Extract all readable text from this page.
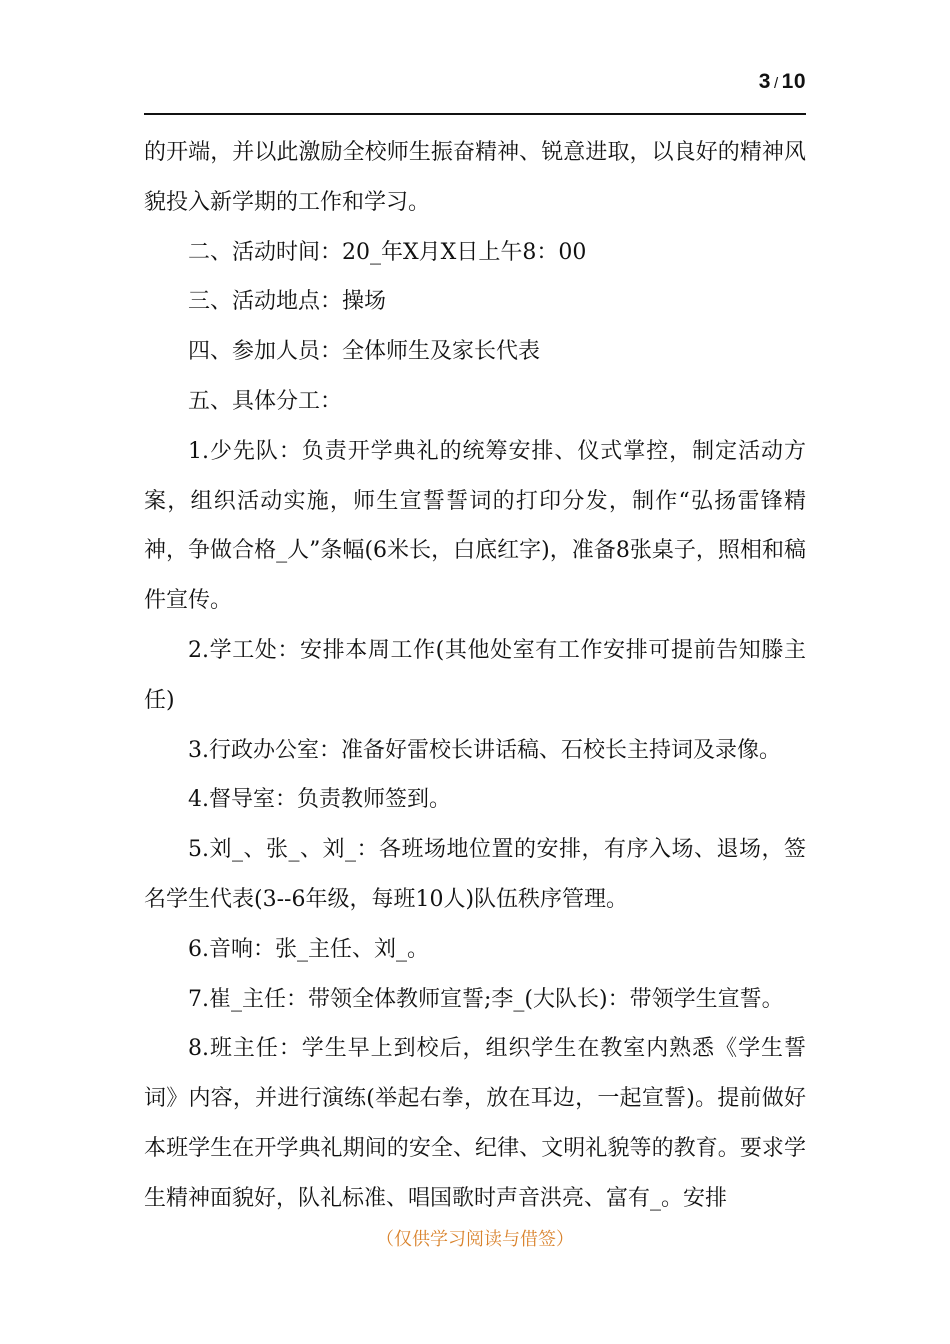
3 / 10

的开端，并以此激励全校师生振奋精神、锐意进取，以良好的精神风貌投入新学期的工作和学习。

二、活动时间：20_年X月X日上午8：00

三、活动地点：操场

四、参加人员：全体师生及家长代表

五、具体分工：

1.少先队：负责开学典礼的统筹安排、仪式掌控，制定活动方案，组织活动实施，师生宣誓誓词的打印分发，制作“弘扬雷锋精神，争做合格_人”条幅(6米长，白底红字)，准备8张桌子，照相和稿件宣传。

2.学工处：安排本周工作(其他处室有工作安排可提前告知滕主任)

3.行政办公室：准备好雷校长讲话稿、石校长主持词及录像。

4.督导室：负责教师签到。

5.刘_、张_、刘_：各班场地位置的安排，有序入场、退场，签名学生代表(3--6年级，每班10人)队伍秩序管理。

6.音响：张_主任、刘_。

7.崔_主任：带领全体教师宣誓;李_(大队长)：带领学生宣誓。

8.班主任：学生早上到校后，组织学生在教室内熟悉《学生誓词》内容，并进行演练(举起右拳，放在耳边，一起宣誓)。提前做好本班学生在开学典礼期间的安全、纪律、文明礼貌等的教育。要求学生精神面貌好，队礼标准、唱国歌时声音洪亮、富有_。安排

（仅供学习阅读与借签）
